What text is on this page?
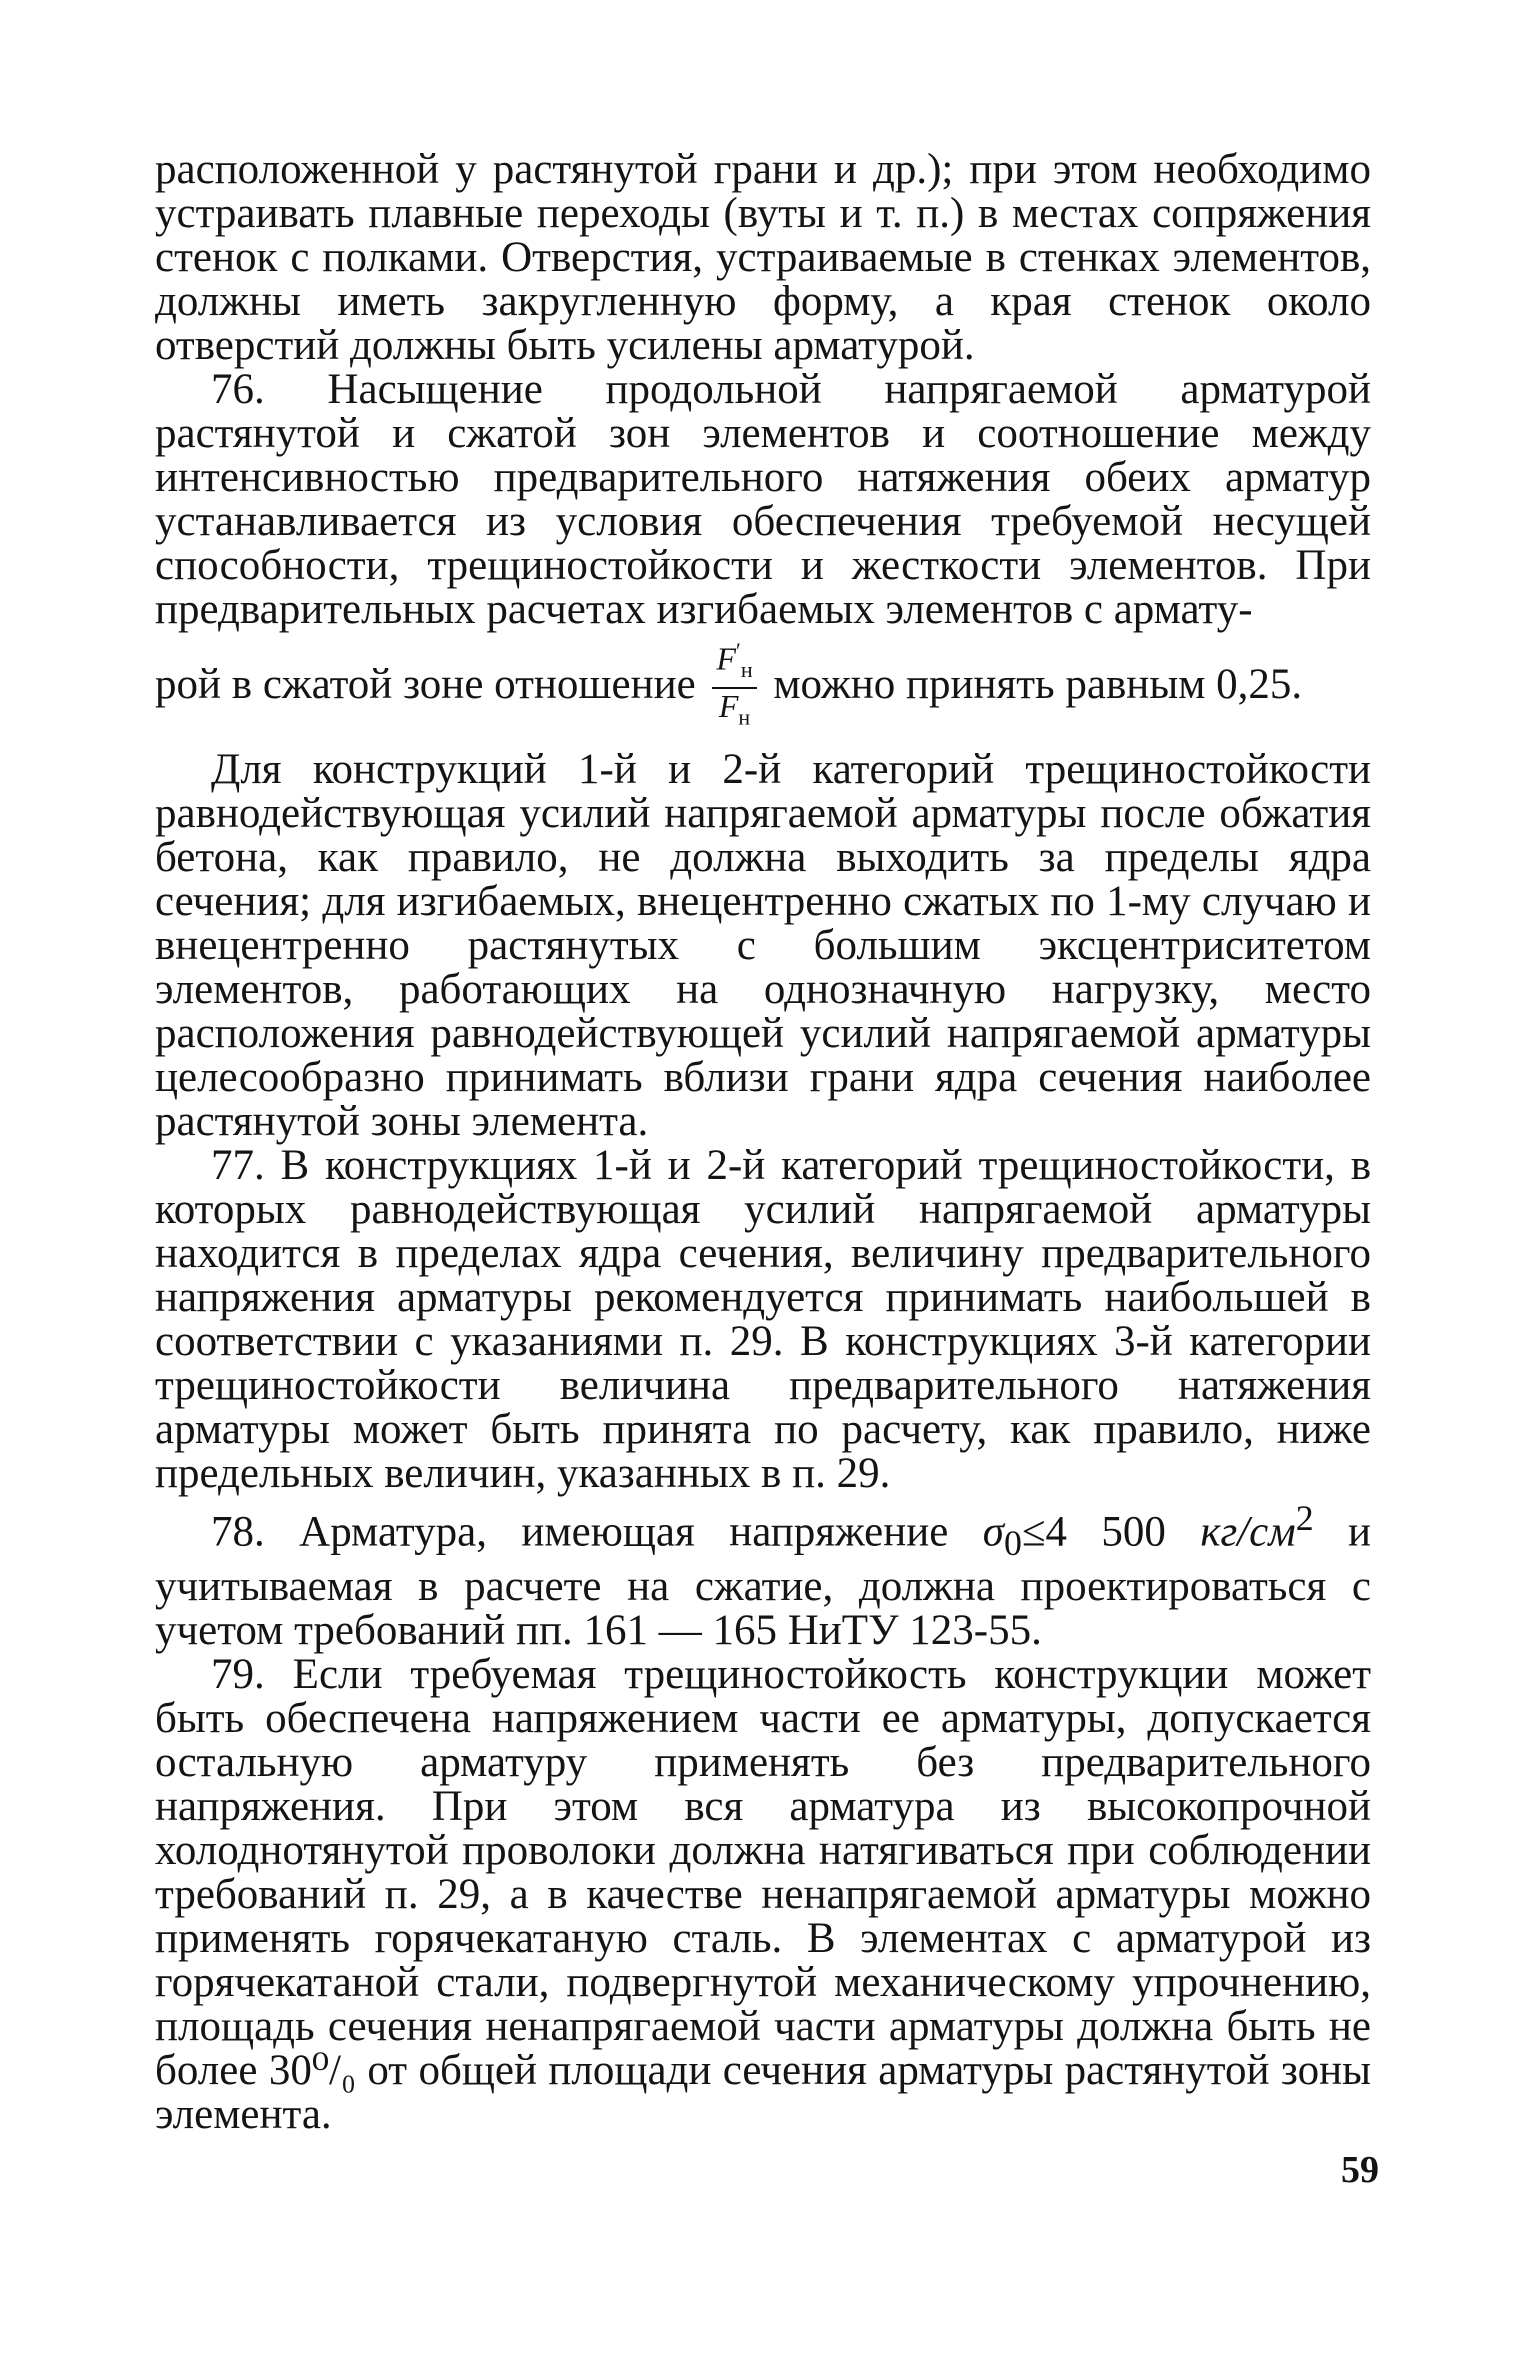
расположенной у растянутой грани и др.); при этом необходимо устраивать плавные переходы (вуты и т. п.) в местах сопряжения стенок с полками. Отверстия, устраиваемые в стенках элементов, должны иметь закругленную форму, а края стенок около отверстий должны быть усилены арматурой.

76. Насыщение продольной напрягаемой арматурой растянутой и сжатой зон элементов и соотношение между интенсивностью предварительного натяжения обеих арматур устанавливается из условия обеспечения требуемой несущей способности, трещиностойкости и жесткости элементов. При предварительных расчетах изгибаемых элементов с армату-

рой в сжатой зоне отношение $\frac{F'_н}{F_н}$ можно принять равным 0,25.

Для конструкций 1-й и 2-й категорий трещиностойкости равнодействующая усилий напрягаемой арматуры после обжатия бетона, как правило, не должна выходить за пределы ядра сечения; для изгибаемых, внецентренно сжатых по 1-му случаю и внецентренно растянутых с большим эксцентриситетом элементов, работающих на однозначную нагрузку, место расположения равнодействующей усилий напрягаемой арматуры целесообразно принимать вблизи грани ядра сечения наиболее растянутой зоны элемента.

77. В конструкциях 1-й и 2-й категорий трещиностойкости, в которых равнодействующая усилий напрягаемой арматуры находится в пределах ядра сечения, величину предварительного напряжения арматуры рекомендуется принимать наибольшей в соответствии с указаниями п. 29. В конструкциях 3-й категории трещиностойкости величина предварительного натяжения арматуры может быть принята по расчету, как правило, ниже предельных величин, указанных в п. 29.

78. Арматура, имеющая напряжение $\sigma_0\le 4$ 500 $кг/см^2$ и учитываемая в расчете на сжатие, должна проектироваться с учетом требований пп. 161 — 165 НиТУ 123-55.

79. Если требуемая трещиностойкость конструкции может быть обеспечена напряжением части ее арматуры, допускается остальную арматуру применять без предварительного напряжения. При этом вся арматура из высокопрочной холоднотянутой проволоки должна натягиваться при соблюдении требований п. 29, а в качестве ненапрягаемой арматуры можно применять горячекатаную сталь. В элементах с арматурой из горячекатаной стали, подвергнутой механическому упрочнению, площадь сечения ненапрягаемой части арматуры должна быть не более 30⁰/₀ от общей площади сечения арматуры растянутой зоны элемента.

59
